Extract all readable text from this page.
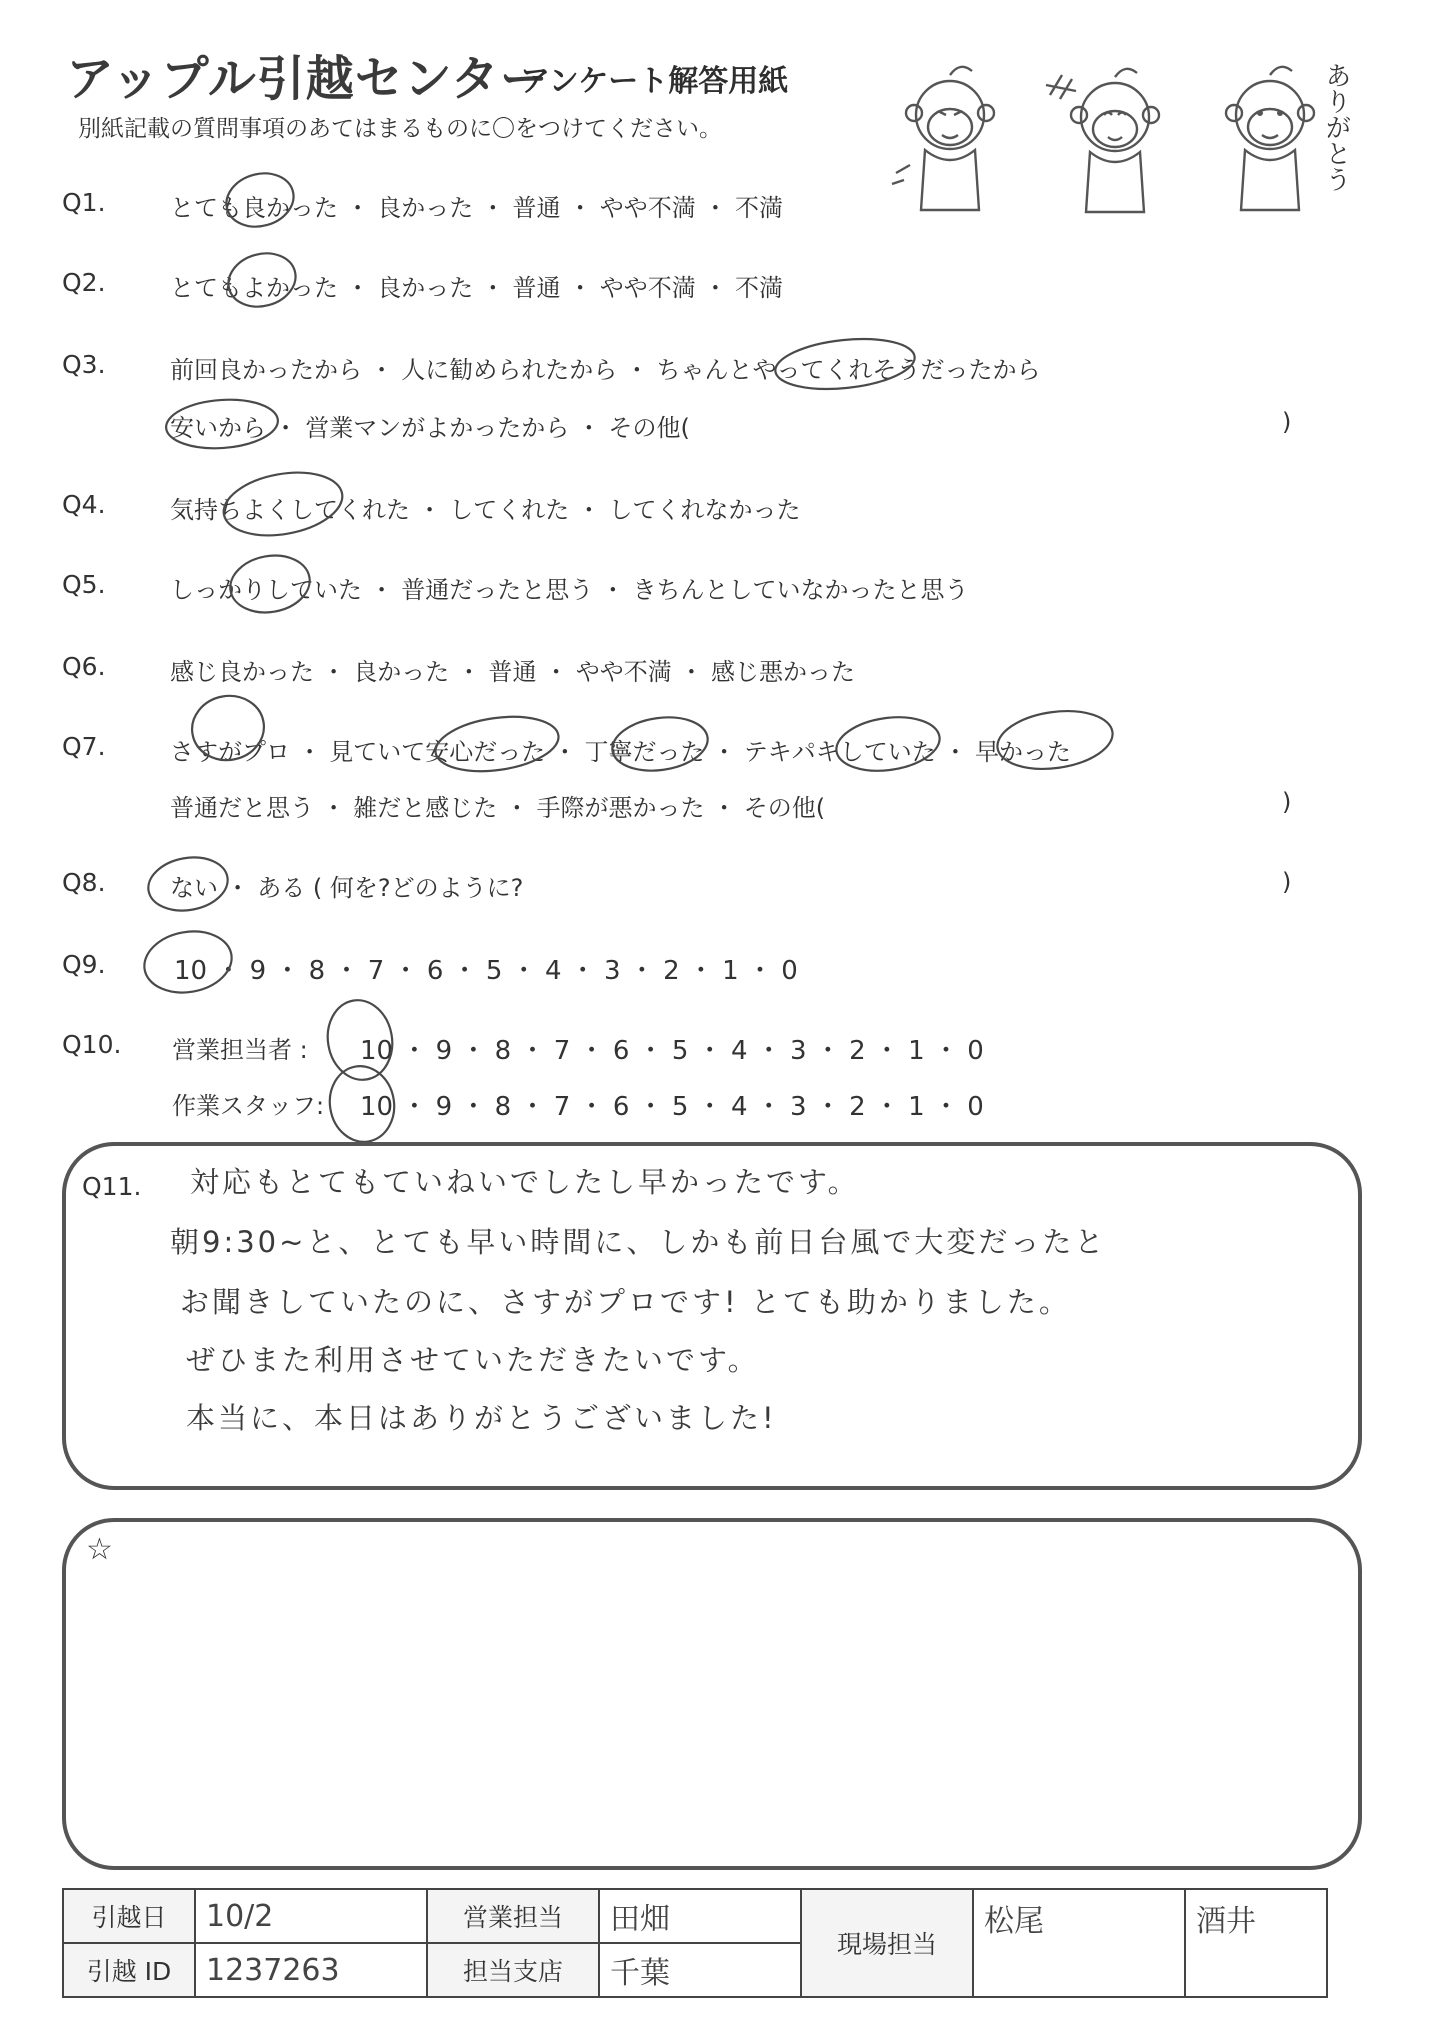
アップル引越センター
アンケート解答用紙
別紙記載の質問事項のあてはまるものに〇をつけてください。	ありがとう
Q1.	とても良かった ・ 良かった ・ 普通 ・ やや不満 ・ 不満
Q2.	とてもよかった ・ 良かった ・ 普通 ・ やや不満 ・ 不満
Q3.	前回良かったから ・ 人に勧められたから ・ ちゃんとやってくれそうだったから
安いから ・ 営業マンがよかったから ・ その他(	)
Q4.	気持ちよくしてくれた ・ してくれた ・ してくれなかった
Q5.	しっかりしていた ・ 普通だったと思う ・ きちんとしていなかったと思う
Q6.	感じ良かった ・ 良かった ・ 普通 ・ やや不満 ・ 感じ悪かった
Q7.	さすがプロ ・ 見ていて安心だった ・ 丁寧だった ・ テキパキしていた ・ 早かった
普通だと思う ・ 雑だと感じた ・ 手際が悪かった ・ その他(	)
Q8.	ない ・ ある ( 何を?どのように?	)
Q9.	10 ・ 9 ・ 8 ・ 7 ・ 6 ・ 5 ・ 4 ・ 3 ・ 2 ・ 1 ・ 0
Q10. 営業担当者 : 10 ・ 9 ・ 8 ・ 7 ・ 6 ・ 5 ・ 4 ・ 3 ・ 2 ・ 1 ・ 0
作業スタッフ: 10 ・ 9 ・ 8 ・ 7 ・ 6 ・ 5 ・ 4 ・ 3 ・ 2 ・ 1 ・ 0
Q11. 対応もとてもていねいでしたし早かったです。
朝9:30~と、とても早い時間に、しかも前日台風で大変だったと
お聞きしていたのに、さすがプロです! とても助かりました。
ぜひまた利用させていただきたいです。
本当に、本日はありがとうございました!
☆
引越日	10/2	営業担当	田畑	現場担当	松尾	酒井
引越 ID	1237263	担当支店	千葉			
